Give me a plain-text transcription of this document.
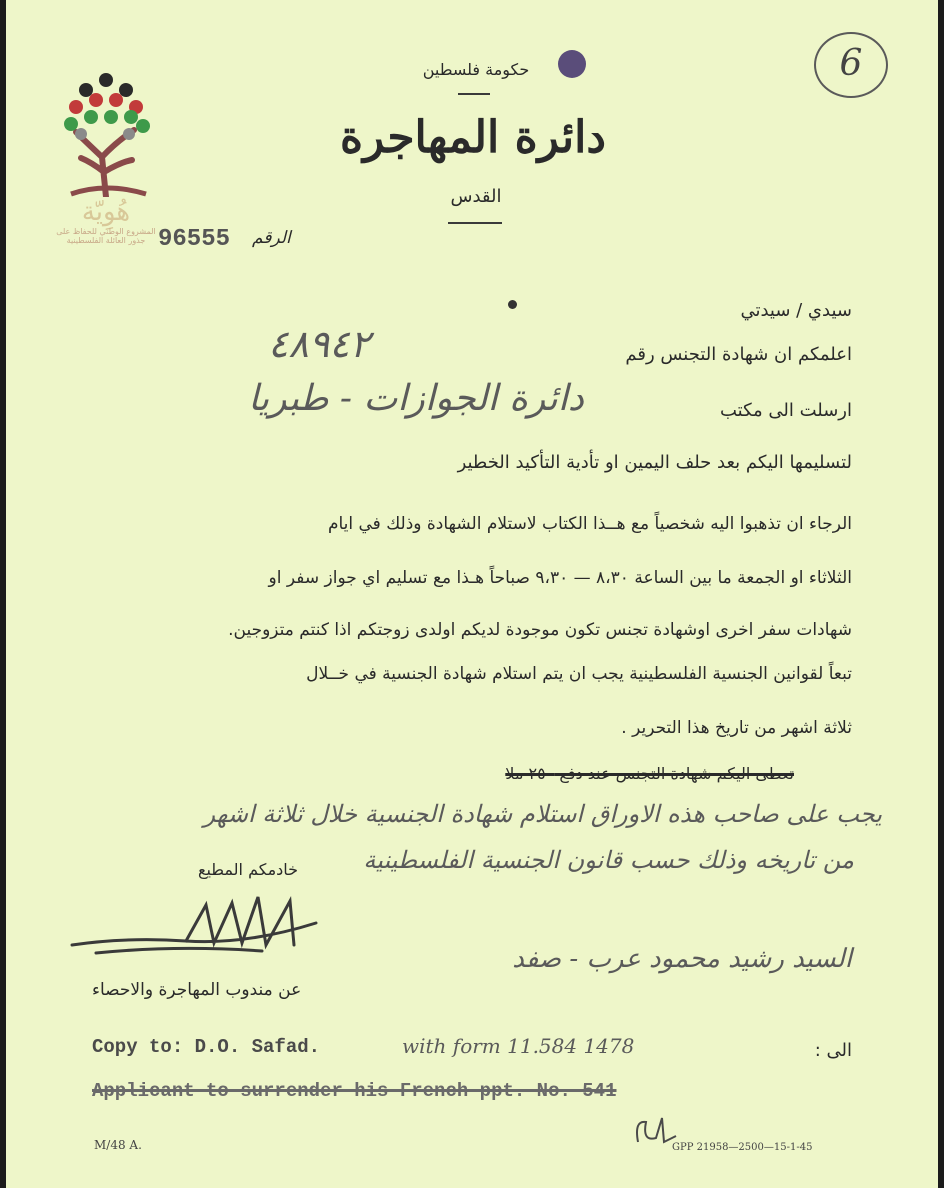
هُوِيّة
المشروع الوطني للحفاظ على
جذور العائلة الفلسطينية
6
حكومة فلسطين
دائرة المهاجرة
القدس
الرقم
96555
سيدي / سيدتي
٤٨٩٤٢	اعلمكم ان شهادة التجنس رقم
دائرة الجوازات - طبريا	ارسلت الى مكتب
لتسليمها اليكم بعد حلف اليمين او تأدية التأكيد الخطير
الرجاء ان تذهبوا اليه شخصياً مع هــذا الكتاب لاستلام الشهادة وذلك في ايام
الثلاثاء او الجمعة ما بين الساعة ٨،٣٠ — ٩،٣٠ صباحاً هـذا مع تسليم اي جواز سفر او
شهادات سفر اخرى اوشهادة تجنس تكون موجودة لديكم اولدى زوجتكم اذا كنتم متزوجين.
تبعاً لقوانين الجنسية الفلسطينية يجب ان يتم استلام شهادة الجنسية في خــلال
ثلاثة اشهر من تاريخ هذا التحرير .
تعطى اليكم شهادة التجنس عند دفع ٢٥٠ ملا
يجب على صاحب هذه الاوراق استلام شهادة الجنسية خلال ثلاثة اشهر
من تاريخه وذلك حسب قانون الجنسية الفلسطينية
خادمكم المطيع
عن مندوب المهاجرة والاحصاء
السيد رشيد محمود عرب - صفد
Copy to: D.O. Safad.	with form 11.584 1478	الى :
Applicant to surrender his French ppt. No. 541
M/48 A.	GPP 21958—2500—15-1-45
